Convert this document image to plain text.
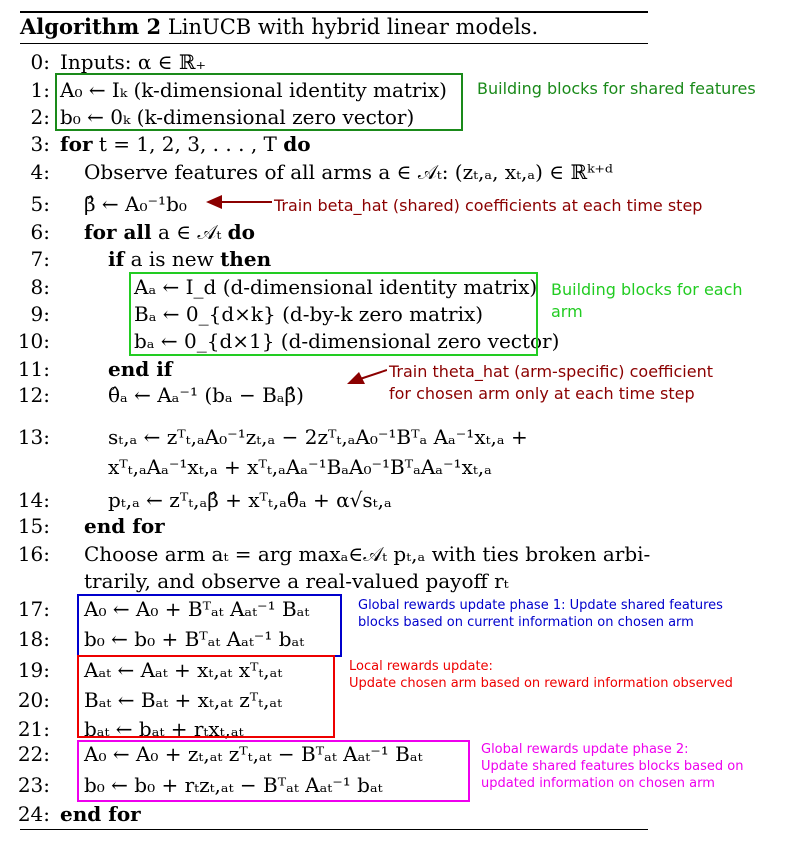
Algorithm 2 LinUCB with hybrid linear models.
0: Inputs: α ∈ ℝ₊
1: A₀ ← Iₖ (k-dimensional identity matrix)
2: b₀ ← 0ₖ (k-dimensional zero vector)
3: for t = 1, 2, 3, . . . , T do
4: Observe features of all arms a ∈ 𝒜ₜ: (zₜ,ₐ, xₜ,ₐ) ∈ ℝᵏ⁺ᵈ
5: β̂ ← A₀⁻¹b₀
6: for all a ∈ 𝒜ₜ do
7:	if a is new then
8:	Aₐ ← I_d (d-dimensional identity matrix)
9:	Bₐ ← 0_{d×k} (d-by-k zero matrix)
10:	bₐ ← 0_{d×1} (d-dimensional zero vector)
11:	end if
12:	θ̂ₐ ← Aₐ⁻¹ (bₐ − Bₐβ̂)
13:	sₜ,ₐ ← zᵀₜ,ₐA₀⁻¹zₜ,ₐ − 2zᵀₜ,ₐA₀⁻¹Bᵀₐ Aₐ⁻¹xₜ,ₐ +
xᵀₜ,ₐAₐ⁻¹xₜ,ₐ + xᵀₜ,ₐAₐ⁻¹BₐA₀⁻¹BᵀₐAₐ⁻¹xₜ,ₐ
14:	pₜ,ₐ ← zᵀₜ,ₐβ̂ + xᵀₜ,ₐθ̂ₐ + α√sₜ,ₐ
15: end for
16: Choose arm aₜ = arg maxₐ∈𝒜ₜ pₜ,ₐ with ties broken arbi-
trarily, and observe a real-valued payoff rₜ
17: A₀ ← A₀ + Bᵀₐₜ Aₐₜ⁻¹ Bₐₜ
18: b₀ ← b₀ + Bᵀₐₜ Aₐₜ⁻¹ bₐₜ
19: Aₐₜ ← Aₐₜ + xₜ,ₐₜ xᵀₜ,ₐₜ
20: Bₐₜ ← Bₐₜ + xₜ,ₐₜ zᵀₜ,ₐₜ
21: bₐₜ ← bₐₜ + rₜxₜ,ₐₜ
22: A₀ ← A₀ + zₜ,ₐₜ zᵀₜ,ₐₜ − Bᵀₐₜ Aₐₜ⁻¹ Bₐₜ
23: b₀ ← b₀ + rₜzₜ,ₐₜ − Bᵀₐₜ Aₐₜ⁻¹ bₐₜ
24: end for
Building blocks for shared features
Train beta_hat (shared) coefficients at each time step
Building blocks for each
arm
Train theta_hat (arm-specific) coefficient
for chosen arm only at each time step
Global rewards update phase 1: Update shared features
blocks based on current information on chosen arm
Local rewards update:
Update chosen arm based on reward information observed
Global rewards update phase 2:
Update shared features blocks based on
updated information on chosen arm
